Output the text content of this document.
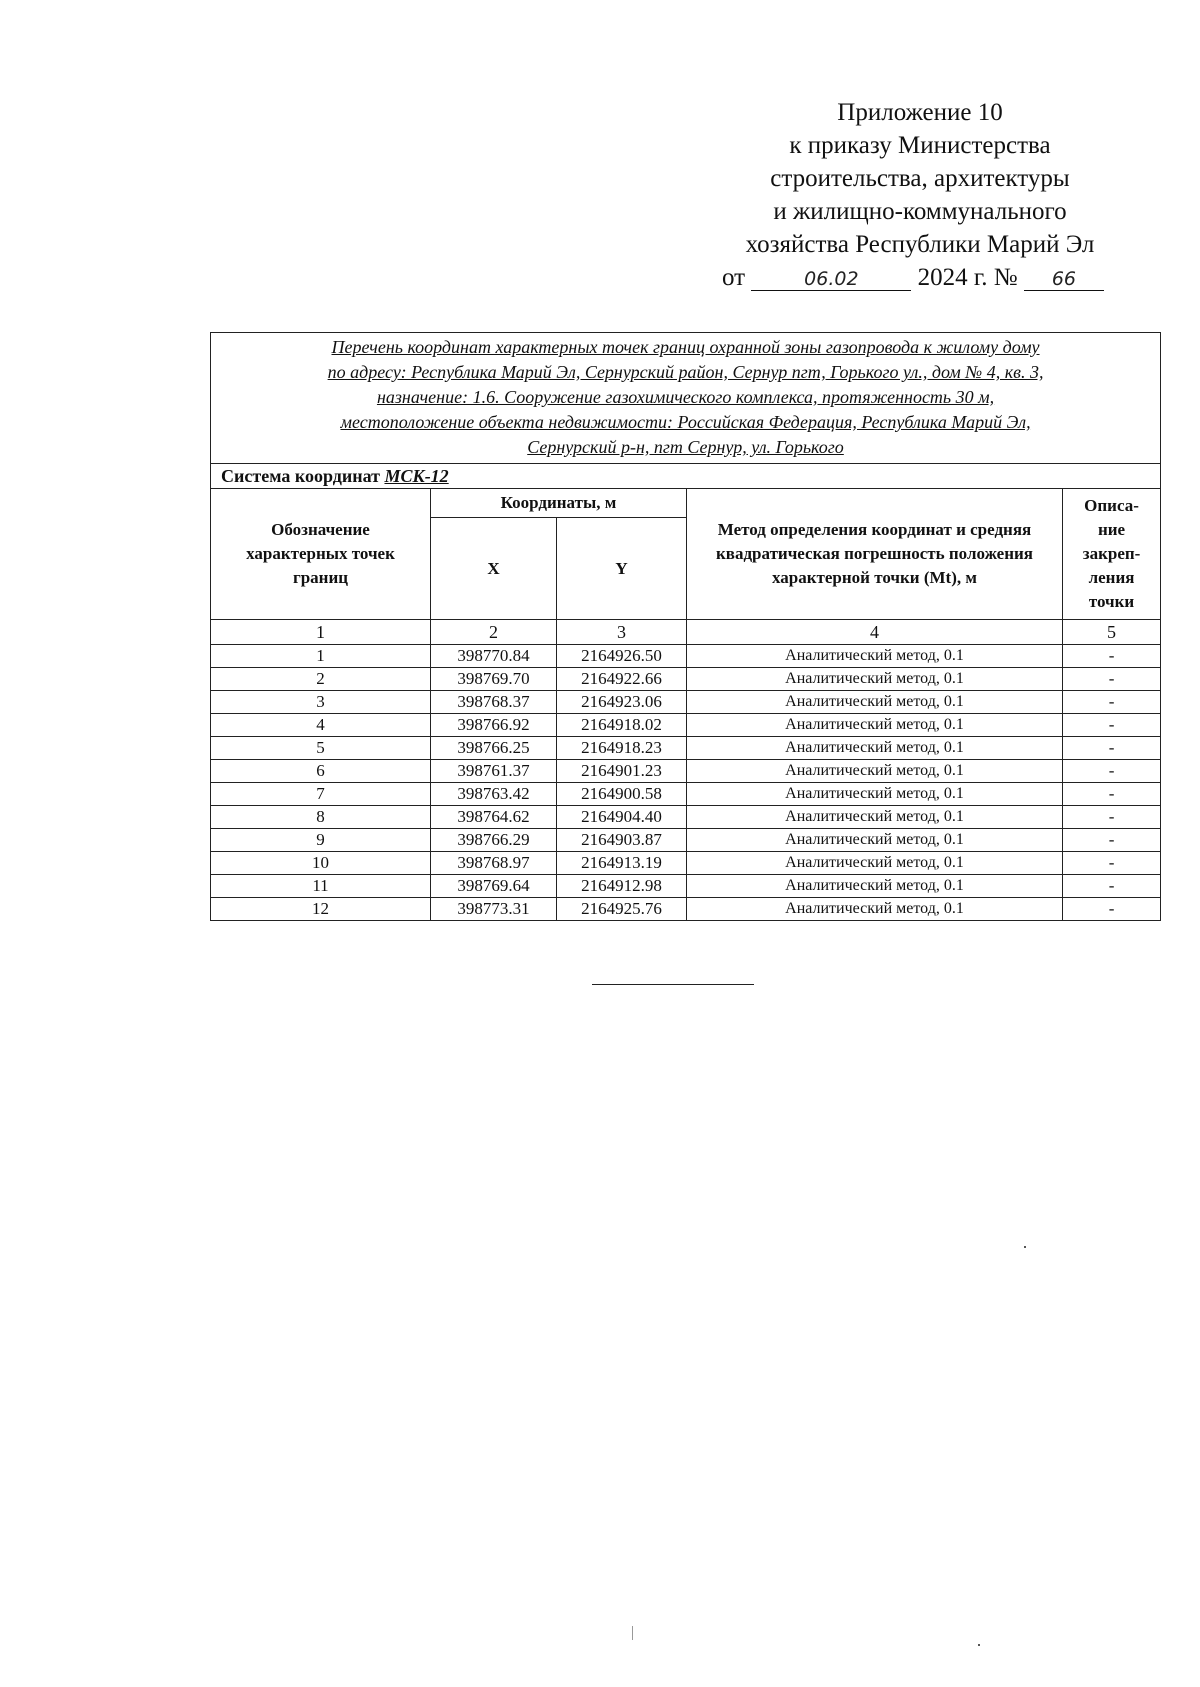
Приложение 10
к приказу Министерства
строительства, архитектуры
и жилищно-коммунального
хозяйства Республики Марий Эл
от	06.02 2024 г. № 66
Перечень координат характерных точек границ охранной зоны газопровода к жилому дому
по адресу: Республика Марий Эл, Сернурский район, Сернур пгт, Горького ул., дом № 4, кв. 3,
назначение: 1.6. Сооружение газохимического комплекса, протяженность 30 м,
местоположение объекта недвижимости: Российская Федерация, Республика Марий Эл,
Сернурский р-н, пгт Сернур, ул. Горького				

Система координат МСК-12				
Обозначение характерных точек границ	Координаты, м		Метод определения координат и средняя квадратическая погрешность положения характерной точки (Mt), м	Описа-ние закреп-ления точки
	X	Y		
1	2	3	4	5
1	398770.84	2164926.50	Аналитический метод, 0.1	-
2	398769.70	2164922.66	Аналитический метод, 0.1	-
3	398768.37	2164923.06	Аналитический метод, 0.1	-
4	398766.92	2164918.02	Аналитический метод, 0.1	-
5	398766.25	2164918.23	Аналитический метод, 0.1	-
6	398761.37	2164901.23	Аналитический метод, 0.1	-
7	398763.42	2164900.58	Аналитический метод, 0.1	-
8	398764.62	2164904.40	Аналитический метод, 0.1	-
9	398766.29	2164903.87	Аналитический метод, 0.1	-
10	398768.97	2164913.19	Аналитический метод, 0.1	-
11	398769.64	2164912.98	Аналитический метод, 0.1	-
12	398773.31	2164925.76	Аналитический метод, 0.1	-
